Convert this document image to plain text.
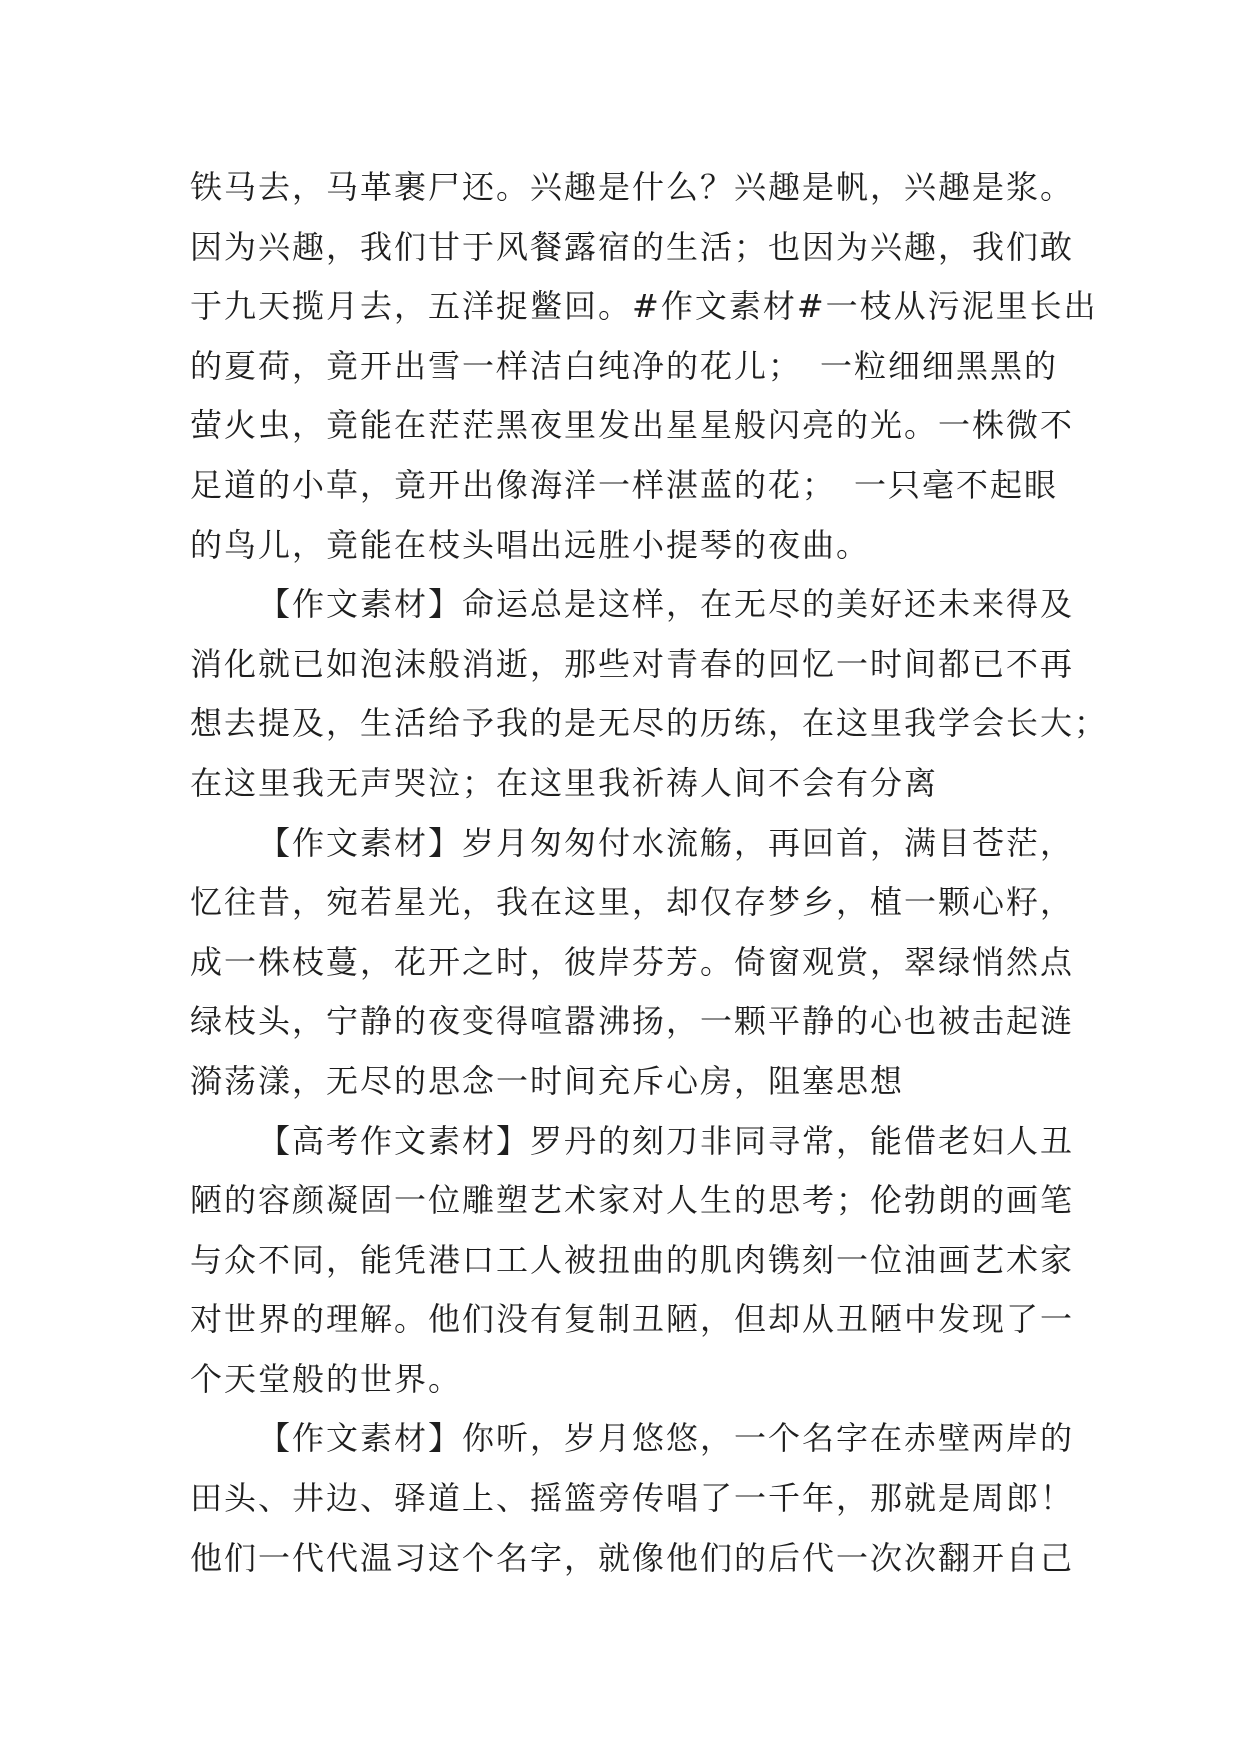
铁马去，马革裹尸还。兴趣是什么？兴趣是帆，兴趣是浆。
因为兴趣，我们甘于风餐露宿的生活；也因为兴趣，我们敢
于九天揽月去，五洋捉鳖回。#作文素材#一枝从污泥里长出
的夏荷，竟开出雪一样洁白纯净的花儿；　一粒细细黑黑的
萤火虫，竟能在茫茫黑夜里发出星星般闪亮的光。一株微不
足道的小草，竟开出像海洋一样湛蓝的花；　一只毫不起眼
的鸟儿，竟能在枝头唱出远胜小提琴的夜曲。

【作文素材】命运总是这样，在无尽的美好还未来得及
消化就已如泡沫般消逝，那些对青春的回忆一时间都已不再
想去提及，生活给予我的是无尽的历练，在这里我学会长大；
在这里我无声哭泣；在这里我祈祷人间不会有分离

【作文素材】岁月匆匆付水流觞，再回首，满目苍茫，
忆往昔，宛若星光，我在这里，却仅存梦乡，植一颗心籽，
成一株枝蔓，花开之时，彼岸芬芳。倚窗观赏，翠绿悄然点
绿枝头，宁静的夜变得喧嚣沸扬，一颗平静的心也被击起涟
漪荡漾，无尽的思念一时间充斥心房，阻塞思想

【高考作文素材】罗丹的刻刀非同寻常，能借老妇人丑
陋的容颜凝固一位雕塑艺术家对人生的思考；伦勃朗的画笔
与众不同，能凭港口工人被扭曲的肌肉镌刻一位油画艺术家
对世界的理解。他们没有复制丑陋，但却从丑陋中发现了一
个天堂般的世界。

【作文素材】你听，岁月悠悠，一个名字在赤壁两岸的
田头、井边、驿道上、摇篮旁传唱了一千年，那就是周郎！
他们一代代温习这个名字，就像他们的后代一次次翻开自己
